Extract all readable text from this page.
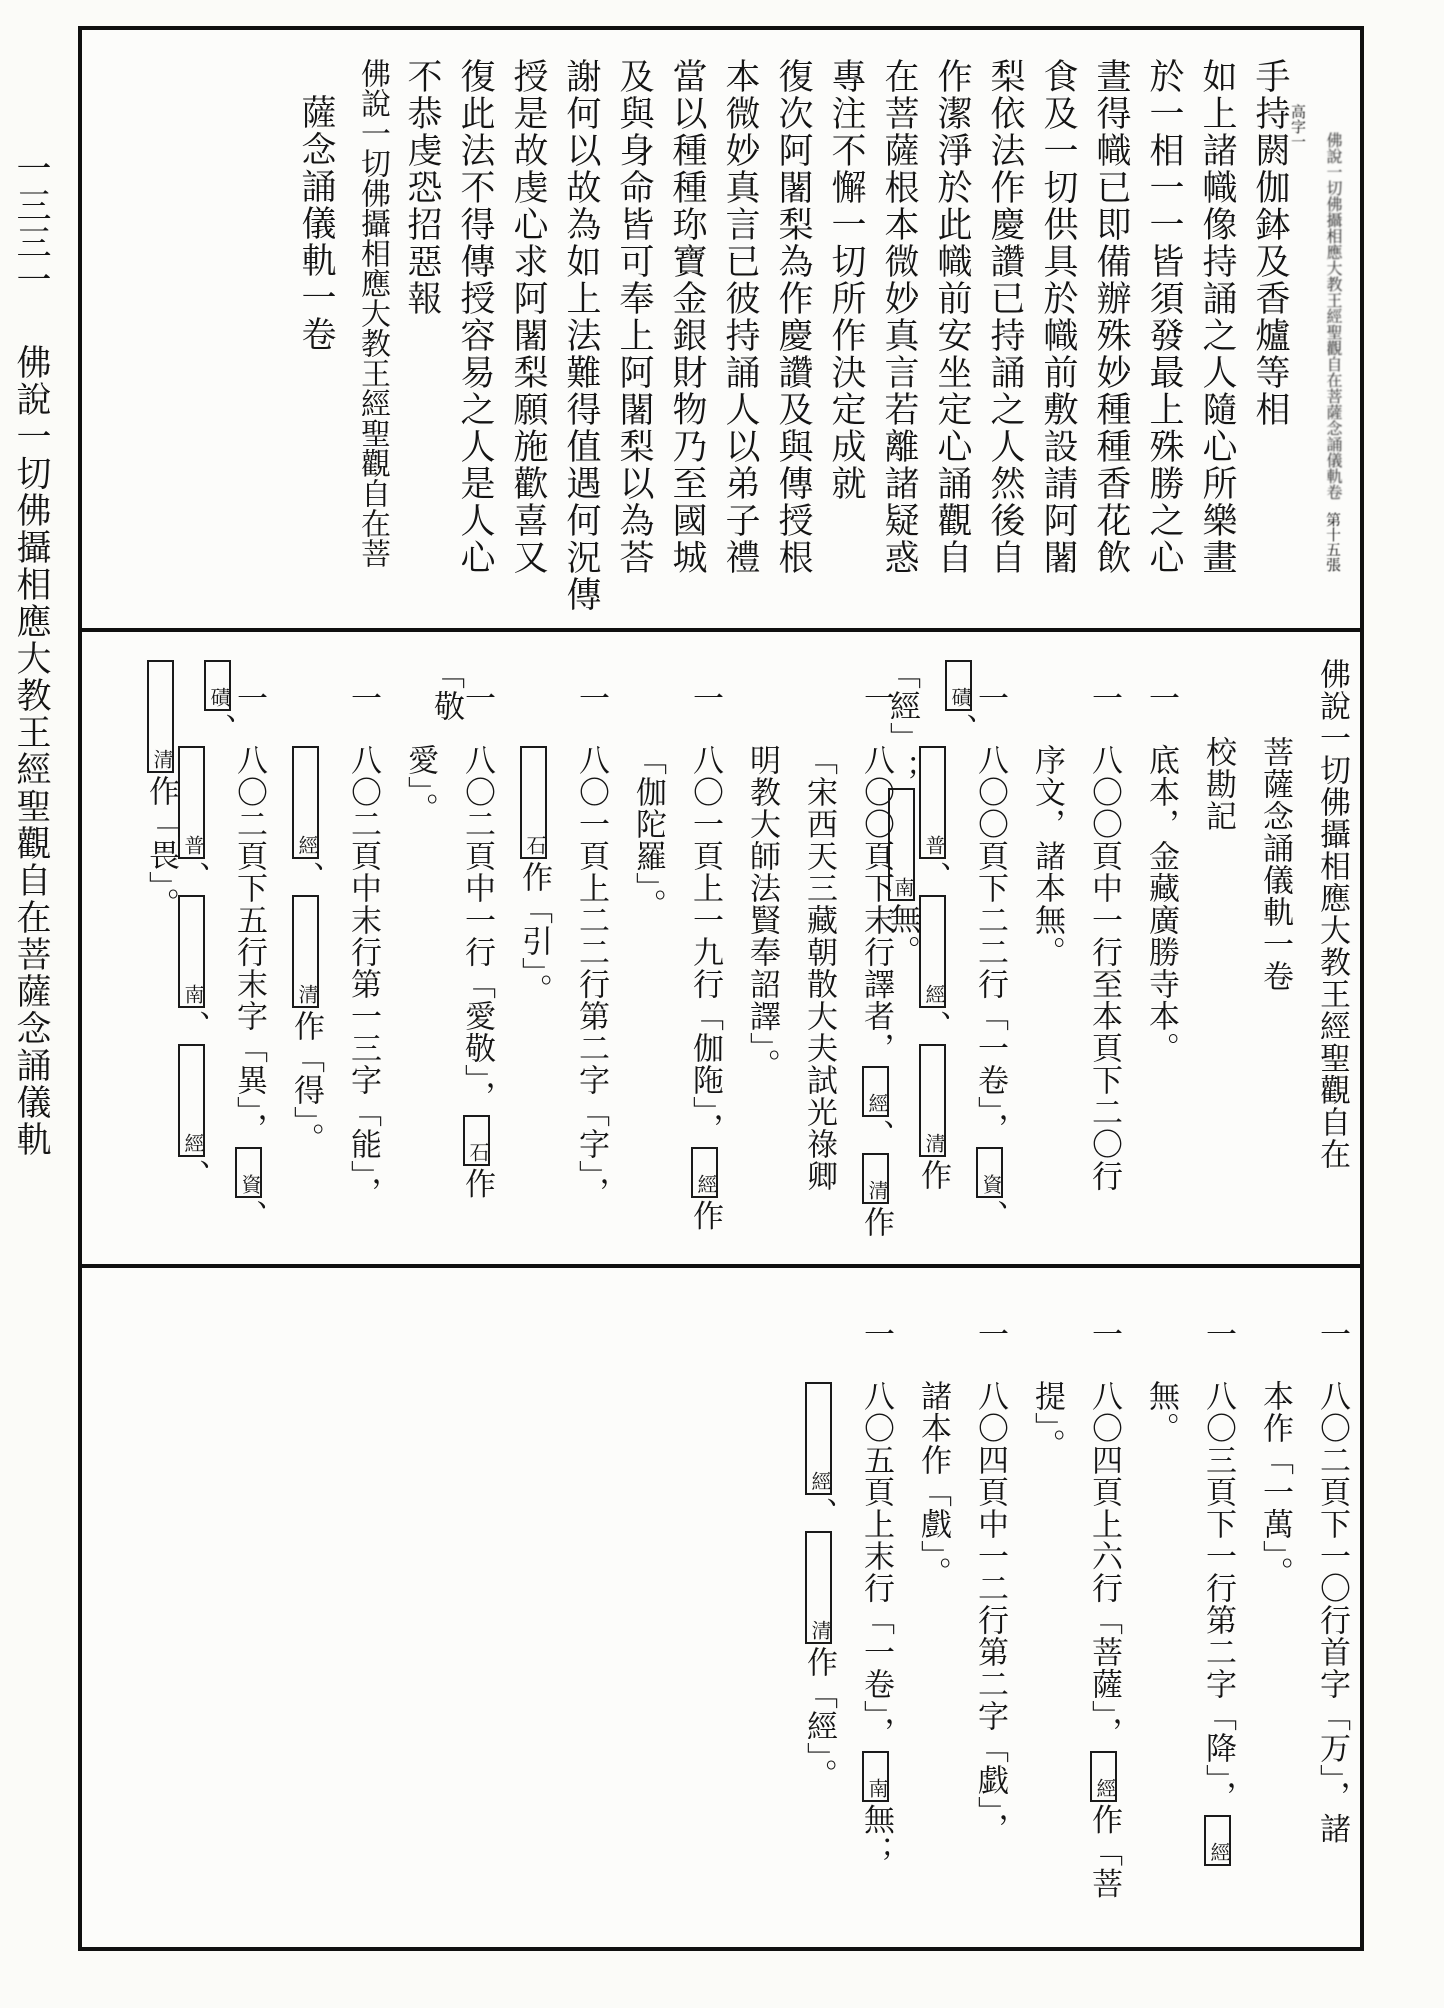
一三三一佛說一切佛攝相應大教王經聖觀自在菩薩念誦儀軌
佛說一切佛攝相應大教王經聖觀自在菩薩念誦儀軌卷第十五張高字一
手持閼伽鉢及香爐等相
如上諸幟像持誦之人隨心所樂畫
於一相一一皆須發最上殊勝之心
晝得幟已即備辦殊妙種種香花飲
食及一切供具於幟前敷設請阿闍
梨依法作慶讚已持誦之人然後自
作潔淨於此幟前安坐定心誦觀自
在菩薩根本微妙真言若離諸疑惑
專注不懈一切所作決定成就
復次阿闍梨為作慶讚及與傳授根
本微妙真言已彼持誦人以弟子禮
當以種種珎寶金銀財物乃至國城
及與身命皆可奉上阿闍梨以為荅
謝何以故為如上法難得值遇何況傳
授是故虔心求阿闍梨願施歡喜又
復此法不得傳授容易之人是人心
不恭虔恐招惡報
佛說一切佛攝相應大教王經聖觀自在菩
薩念誦儀軌一卷
佛說一切佛攝相應大教王經聖觀自在
菩薩念誦儀軌一卷
校勘記
一底本，金藏廣勝寺本。
一八〇〇頁中一行至本頁下二〇行
序文，諸本無。
一八〇〇頁下二二行「一卷」，資、磧、
普、經、清作「經」；南無。
一八〇〇頁下末行譯者，經、清作
「宋西天三藏朝散大夫試光祿卿
明教大師法賢奉詔譯」。
一八〇一頁上一九行「伽陁」，經作
「伽陀羅」。
一八〇一頁上二二行第二字「字」，
石作「引」。
一八〇二頁中一行「愛敬」，石作「敬
愛」。
一八〇二頁中末行第一三字「能」，
經、清作「得」。
一八〇二頁下五行末字「異」，資、磧、
普、南、經、清作「畏」。
一八〇二頁下一〇行首字「万」，諸
本作「一萬」。
一八〇三頁下一行第二字「降」，經
無。
一八〇四頁上六行「菩薩」，經作「菩
提」。
一八〇四頁中一二行第二字「戯」，
諸本作「戲」。
一八〇五頁上末行「一卷」，南無；
經、清作「經」。
